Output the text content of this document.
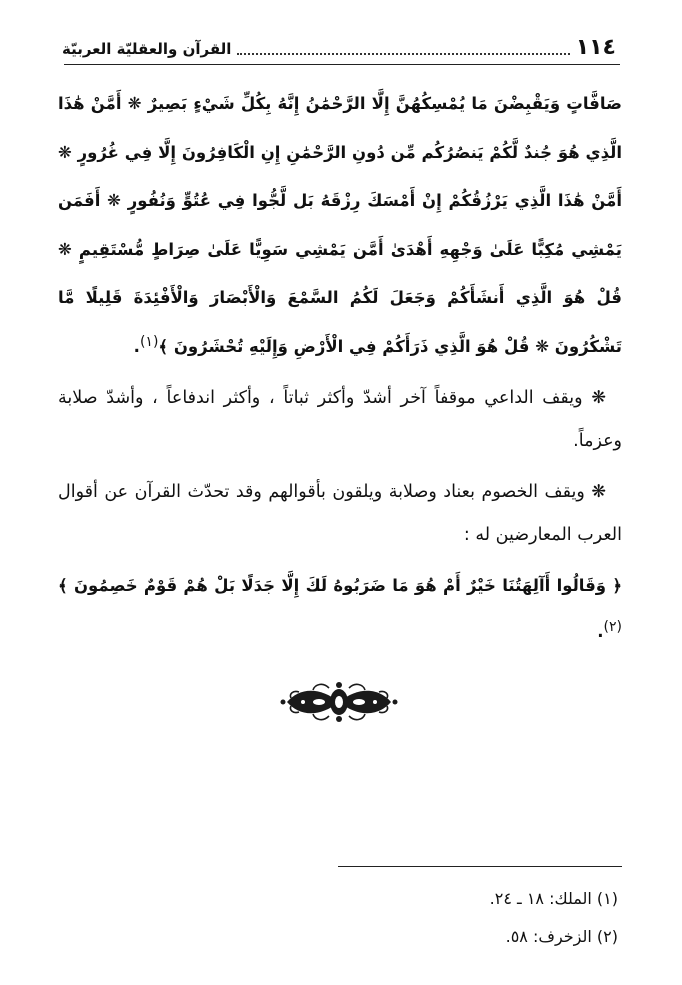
١١٤
القرآن والعقليّة العربيّة

صَافَّاتٍ وَيَقْبِضْنَ مَا يُمْسِكُهُنَّ إِلَّا الرَّحْمَٰنُ إِنَّهُ بِكُلِّ شَيْءٍ بَصِيرٌ ❋ أَمَّنْ هَٰذَا الَّذِي هُوَ جُندٌ لَّكُمْ يَنصُرُكُم مِّن دُونِ الرَّحْمَٰنِ إِنِ الْكَافِرُونَ إِلَّا فِي غُرُورٍ ❋ أَمَّنْ هَٰذَا الَّذِي يَرْزُقُكُمْ إِنْ أَمْسَكَ رِزْقَهُ بَل لَّجُّوا فِي عُتُوٍّ وَنُفُورٍ ❋ أَفَمَن يَمْشِي مُكِبًّا عَلَىٰ وَجْهِهِ أَهْدَىٰ أَمَّن يَمْشِي سَوِيًّا عَلَىٰ صِرَاطٍ مُّسْتَقِيمٍ ❋ قُلْ هُوَ الَّذِي أَنشَأَكُمْ وَجَعَلَ لَكُمُ السَّمْعَ وَالْأَبْصَارَ وَالْأَفْئِدَةَ قَلِيلًا مَّا تَشْكُرُونَ ❋ قُلْ هُوَ الَّذِي ذَرَأَكُمْ فِي الْأَرْضِ وَإِلَيْهِ تُحْشَرُونَ ﴾$^{(١)}$.

❋ ويقف الداعي موقفاً آخر أشدّ وأكثر ثباتاً ، وأكثر اندفاعاً ، وأشدّ صلابة وعزماً.

❋ ويقف الخصوم بعناد وصلابة ويلقون بأقوالهم وقد تحدّث القرآن عن أقوال العرب المعارضين له :

﴿ وَقَالُوا أَآلِهَتُنَا خَيْرٌ أَمْ هُوَ مَا ضَرَبُوهُ لَكَ إِلَّا جَدَلًا بَلْ هُمْ قَوْمٌ خَصِمُونَ ﴾$^{(٢)}$.

(١) الملك: ١٨ ـ ٢٤.

(٢) الزخرف: ٥٨.
